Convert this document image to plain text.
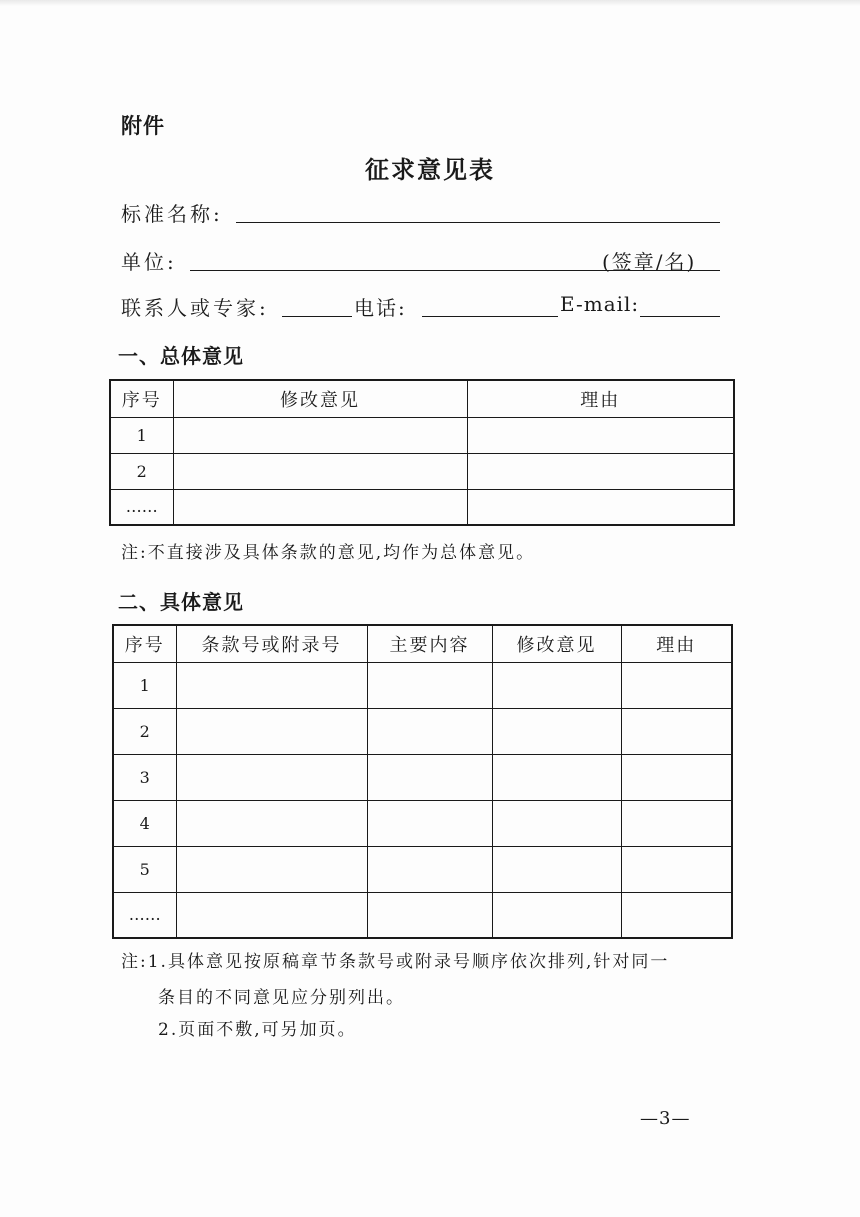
附件
征求意见表
标准名称:
单位:	(签章/名)
联系人或专家:	电话:	E-mail:
一、总体意见
序号	修改意见	理由
1		
2		
……		
注:不直接涉及具体条款的意见,均作为总体意见。
二、具体意见
序号	条款号或附录号	主要内容	修改意见	理由
1				
2				
3				
4				
5				
……				
注:1.具体意见按原稿章节条款号或附录号顺序依次排列,针对同一
条目的不同意见应分别列出。
2.页面不敷,可另加页。
—3—
